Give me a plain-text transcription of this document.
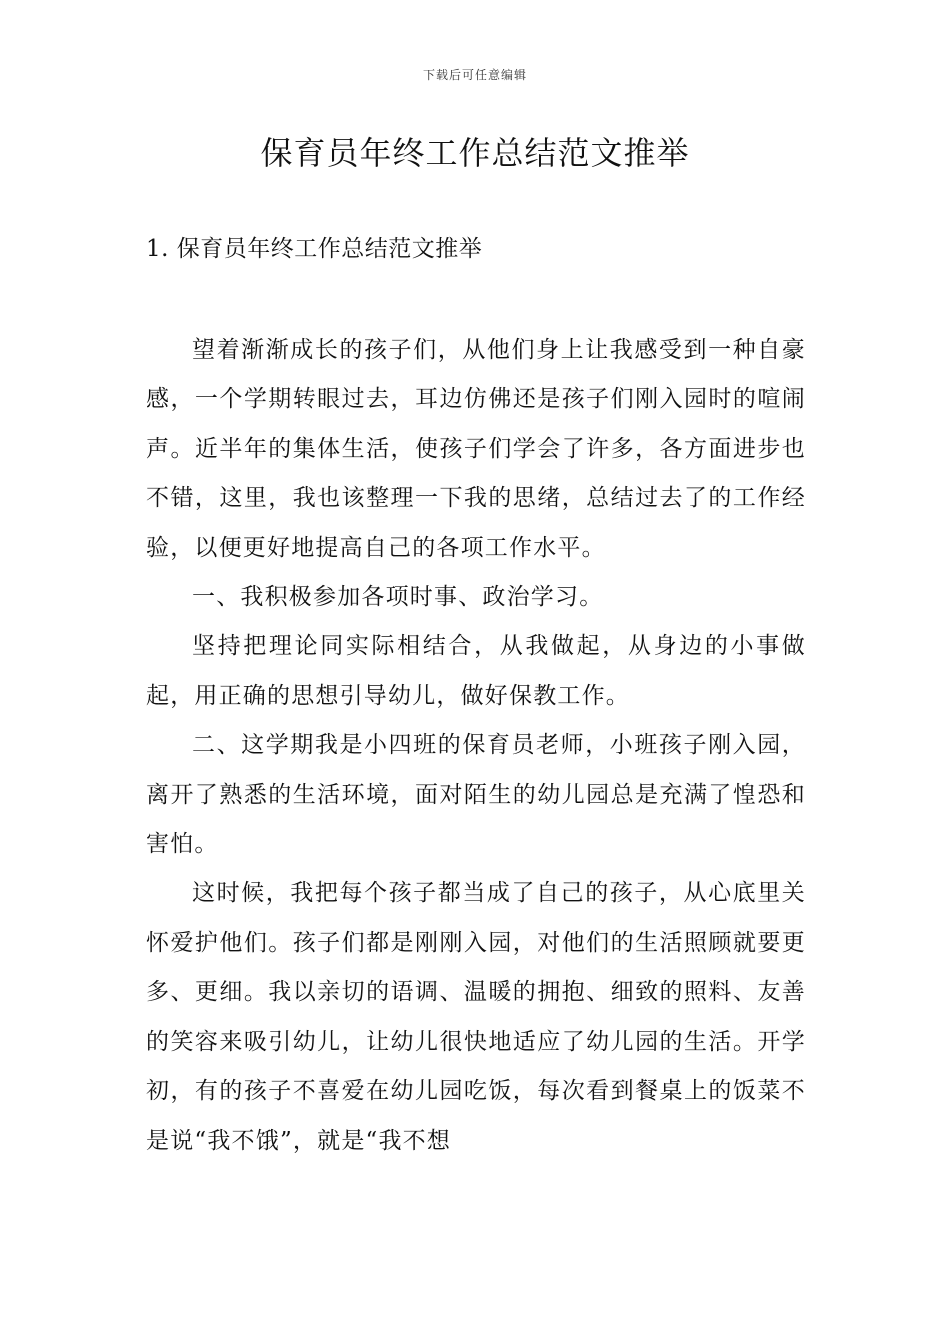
下载后可任意编辑
保育员年终工作总结范文推举
1. 保育员年终工作总结范文推举

望着渐渐成长的孩子们，从他们身上让我感受到一种自豪感，一个学期转眼过去，耳边仿佛还是孩子们刚入园时的喧闹声。近半年的集体生活，使孩子们学会了许多，各方面进步也不错，这里，我也该整理一下我的思绪，总结过去了的工作经验，以便更好地提高自己的各项工作水平。

一、我积极参加各项时事、政治学习。

坚持把理论同实际相结合，从我做起，从身边的小事做起，用正确的思想引导幼儿，做好保教工作。

二、这学期我是小四班的保育员老师，小班孩子刚入园，离开了熟悉的生活环境，面对陌生的幼儿园总是充满了惶恐和害怕。

这时候，我把每个孩子都当成了自己的孩子，从心底里关怀爱护他们。孩子们都是刚刚入园，对他们的生活照顾就要更多、更细。我以亲切的语调、温暖的拥抱、细致的照料、友善的笑容来吸引幼儿，让幼儿很快地适应了幼儿园的生活。开学初，有的孩子不喜爱在幼儿园吃饭，每次看到餐桌上的饭菜不是说“我不饿”，就是“我不想
